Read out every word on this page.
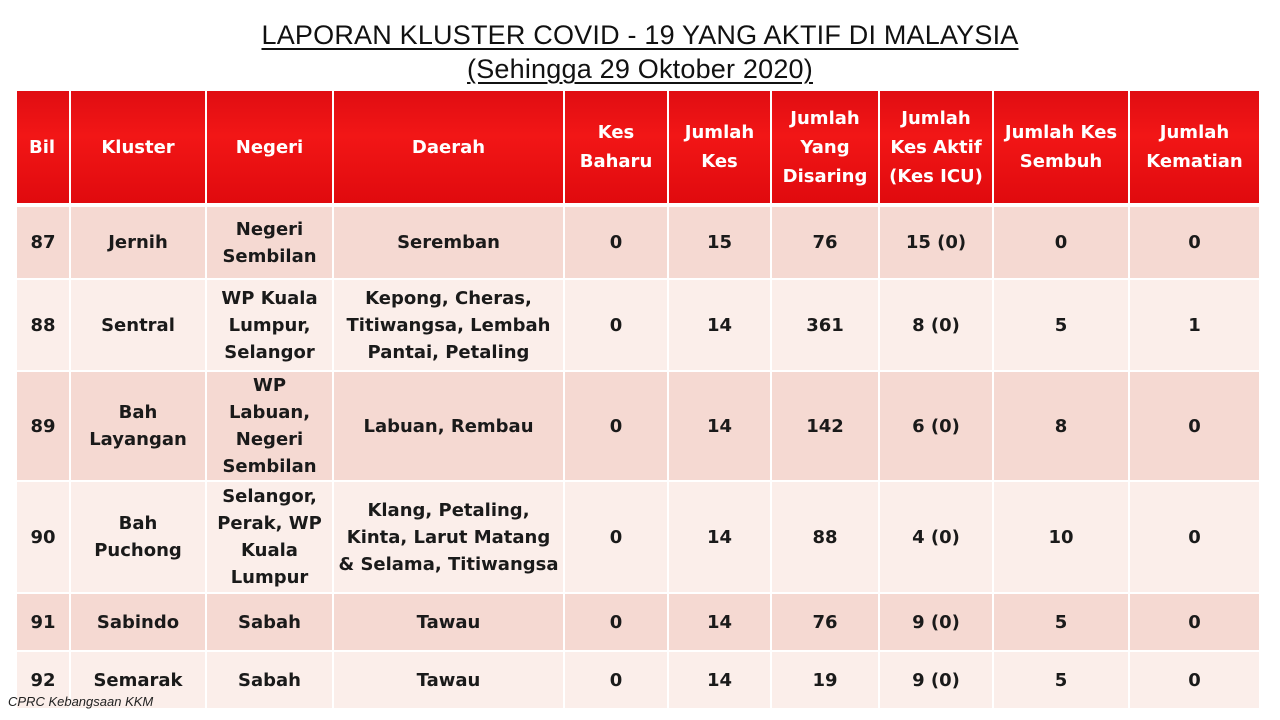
LAPORAN KLUSTER COVID - 19 YANG AKTIF DI MALAYSIA
(Sehingga 29 Oktober 2020)
Bil	Kluster	Negeri	Daerah	Kes Baharu	Jumlah Kes	Jumlah Yang Disaring	Jumlah Kes Aktif (Kes ICU)	Jumlah Kes Sembuh	Jumlah Kematian
87	Jernih	Negeri Sembilan	Seremban	0	15	76	15 (0)	0	0
88	Sentral	WP Kuala Lumpur, Selangor	Kepong, Cheras, Titiwangsa, Lembah Pantai, Petaling	0	14	361	8 (0)	5	1
89	Bah Layangan	WP Labuan, Negeri Sembilan	Labuan, Rembau	0	14	142	6 (0)	8	0
90	Bah Puchong	Selangor, Perak, WP Kuala Lumpur	Klang, Petaling, Kinta, Larut Matang & Selama, Titiwangsa	0	14	88	4 (0)	10	0
91	Sabindo	Sabah	Tawau	0	14	76	9 (0)	5	0
92	Semarak	Sabah	Tawau	0	14	19	9 (0)	5	0
CPRC Kebangsaan KKM
